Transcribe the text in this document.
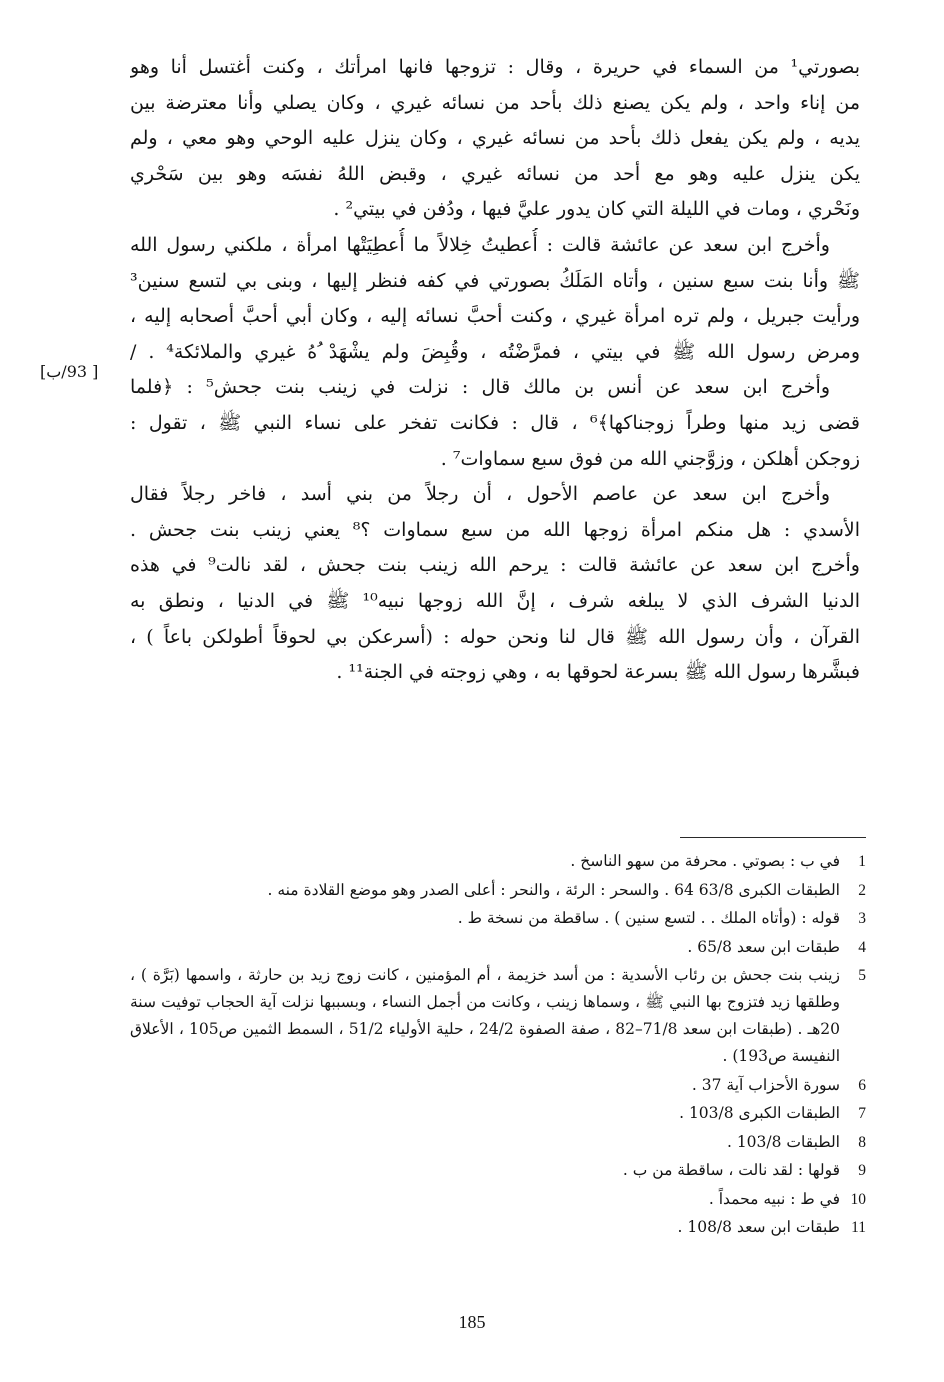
بصورتي¹ من السماء في حريرة ، وقال : تزوجها فانها امرأتك ، وكنت أغتسل أنا وهو
من إناء واحد ، ولم يكن يصنع ذلك بأحد من نسائه غيري ، وكان يصلي وأنا معترضة بين
يديه ، ولم يكن يفعل ذلك بأحد من نسائه غيري ، وكان ينزل عليه الوحي وهو معي ، ولم
يكن ينزل عليه وهو مع أحد من نسائه غيري ، وقبض اللهُ نفسَه وهو بين سَحْري
ونَحْري ، ومات في الليلة التي كان يدور عليَّ فيها ، ودُفن في بيتي² .
وأخرج ابن سعد عن عائشة قالت : أُعطيتُ خِلالاً ما أُعطِيَتْها امرأة ، ملكني رسول الله
ﷺ وأنا بنت سبع سنين ، وأتاه المَلَكُ بصورتي في كفه فنظر إليها ، وبنى بي لتسع سنين³
ورأيت جبريل ، ولم تره امرأة غيري ، وكنت أحبَّ نسائه إليه ، وكان أبي أحبَّ أصحابه إليه ،
ومرض رسول الله ﷺ في بيتي ، فمرَّضْتُه ، وقُبِضَ ولم يشْهَدْ ُهُ غيري والملائكة⁴ . /
وأخرج ابن سعد عن أنس بن مالك قال : نزلت في زينب بنت جحش⁵ : ﴿فلما
قضى زيد منها وطراً زوجناكها﴾⁶ ، قال : فكانت تفخر على نساء النبي ﷺ ، تقول :
زوجكن أهلكن ، وزوَّجني الله من فوق سبع سماوات⁷ .
وأخرج ابن سعد عن عاصم الأحول ، أن رجلاً من بني أسد ، فاخر رجلاً فقال
الأسدي : هل منكم امرأة زوجها الله من سبع سماوات ؟⁸ يعني زينب بنت جحش .
وأخرج ابن سعد عن عائشة قالت : يرحم الله زينب بنت جحش ، لقد نالت⁹ في هذه
الدنيا الشرف الذي لا يبلغه شرف ، إنَّ الله زوجها نبيه¹⁰ ﷺ في الدنيا ، ونطق به
القرآن ، وأن رسول الله ﷺ قال لنا ونحن حوله : (أسرعكن بي لحوقاً أطولكن باعاً ) ،
فبشَّرها رسول الله ﷺ بسرعة لحوقها به ، وهي زوجته في الجنة¹¹ .
[ 93/ب]
1
في ب : بصوتي . محرفة من سهو الناسخ .
2
الطبقات الكبرى 63/8 64 . والسحر : الرئة ، والنحر : أعلى الصدر وهو موضع القلادة منه .
3
قوله : (وأتاه الملك . . لتسع سنين ) . ساقطة من نسخة ط .
4
طبقات ابن سعد 65/8 .
5
زينب بنت جحش بن رئاب الأسدية : من أسد خزيمة ، أم المؤمنين ، كانت زوج زيد بن حارثة ، واسمها (بَرَّة ) ، وطلقها زيد فتزوج بها النبي ﷺ ، وسماها زينب ، وكانت من أجمل النساء ، وبسببها نزلت آية الحجاب توفيت سنة 20هـ . (طبقات ابن سعد 71/8–82 ، صفة الصفوة 24/2 ، حلية الأولياء 51/2 ، السمط الثمين ص105 ، الأعلاق النفيسة ص193) .
6
سورة الأحزاب آية 37 .
7
الطبقات الكبرى 103/8 .
8
الطبقات 103/8 .
9
قولها : لقد نالت ، ساقطة من ب .
10
في ط : نبيه محمداً .
11
طبقات ابن سعد 108/8 .
185
